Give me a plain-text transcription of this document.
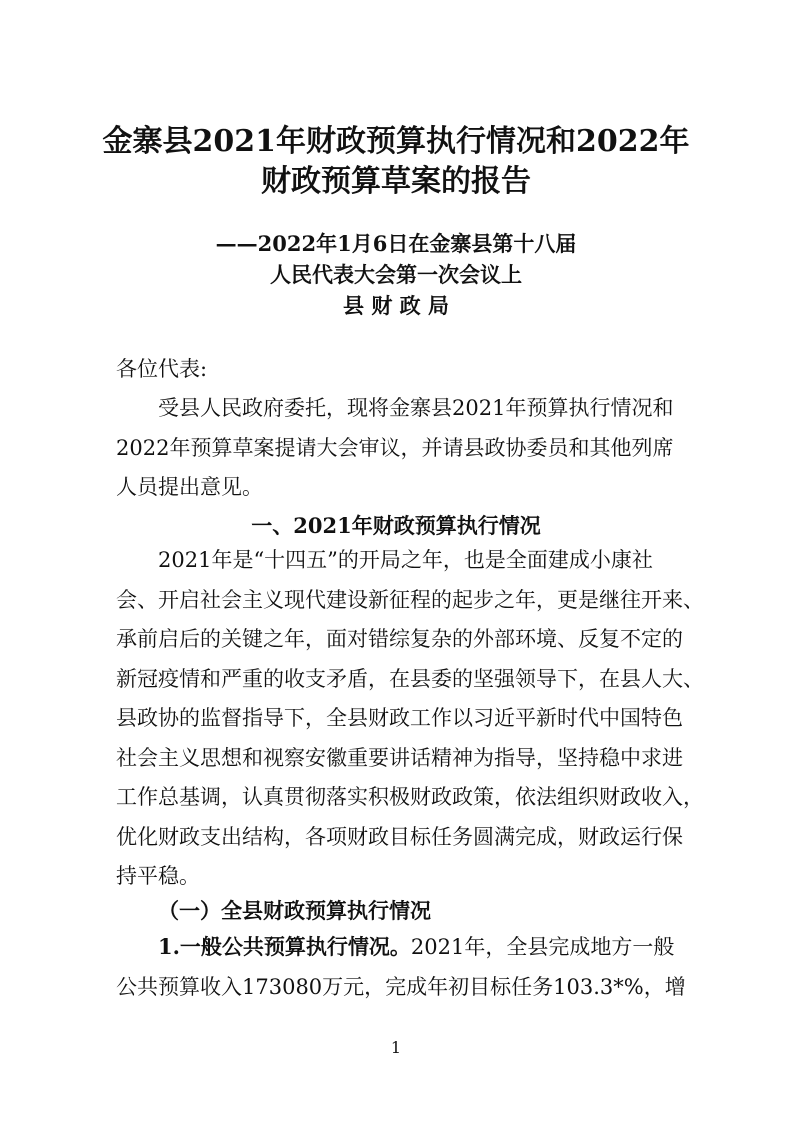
金寨县2021年财政预算执行情况和2022年
财政预算草案的报告
——2022年1月6日在金寨县第十八届
人民代表大会第一次会议上
县 财 政 局
各位代表:
受县人民政府委托，现将金寨县2021年预算执行情况和
2022年预算草案提请大会审议，并请县政协委员和其他列席
人员提出意见。
一、2021年财政预算执行情况
2021年是“十四五”的开局之年，也是全面建成小康社
会、开启社会主义现代建设新征程的起步之年，更是继往开来、
承前启后的关键之年，面对错综复杂的外部环境、反复不定的
新冠疫情和严重的收支矛盾，在县委的坚强领导下，在县人大、
县政协的监督指导下，全县财政工作以习近平新时代中国特色
社会主义思想和视察安徽重要讲话精神为指导，坚持稳中求进
工作总基调，认真贯彻落实积极财政政策，依法组织财政收入，
优化财政支出结构，各项财政目标任务圆满完成，财政运行保
持平稳。
（一）全县财政预算执行情况
1.一般公共预算执行情况。2021年，全县完成地方一般
公共预算收入173080万元，完成年初目标任务103.3*%，增
1
